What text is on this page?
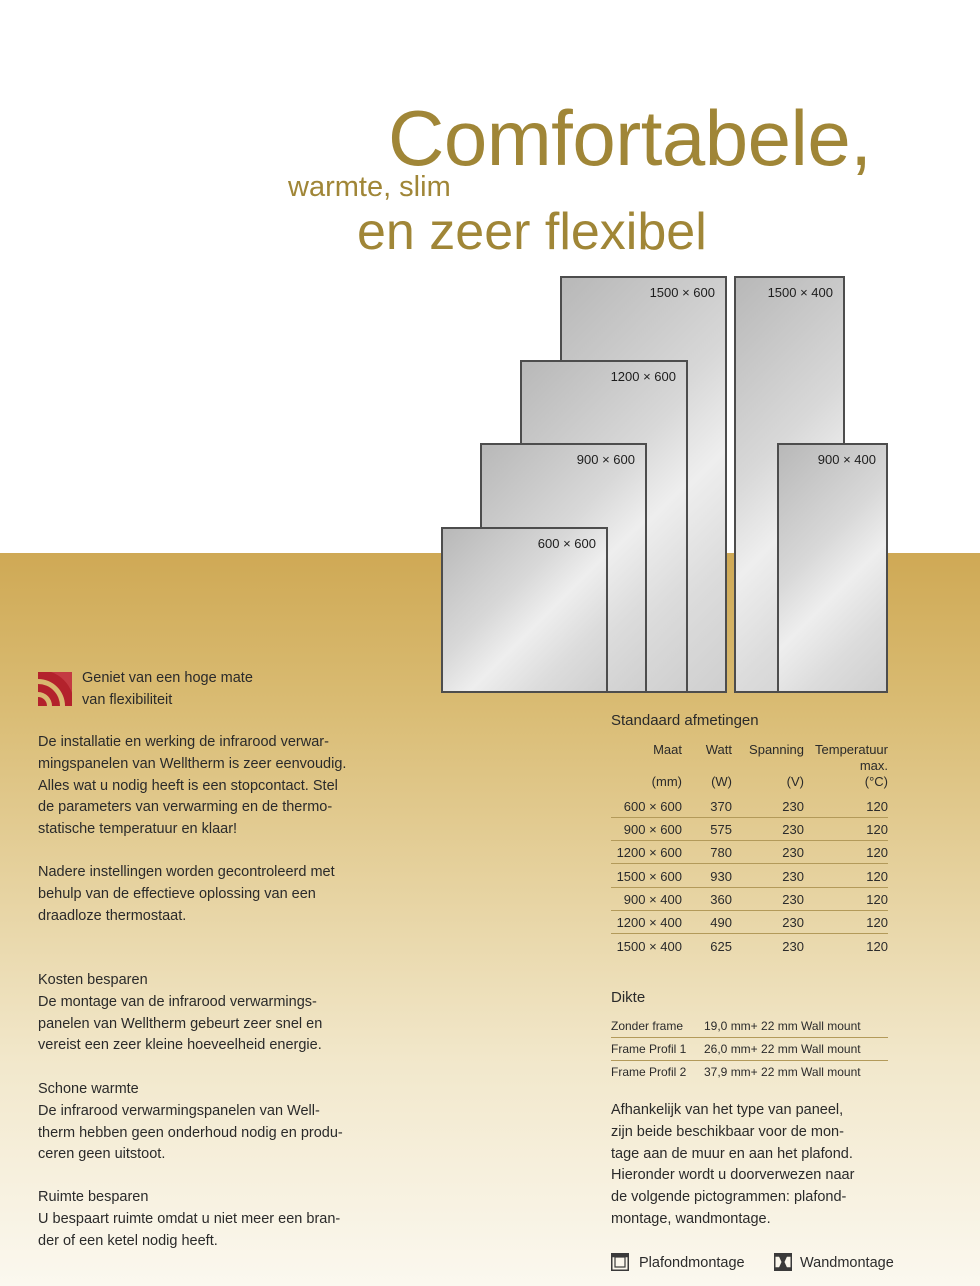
Comfortabele,
warmte, slim
en zeer flexibel
1500 × 600
1200 × 600
900 × 600
600 × 600
1500 × 400
900 × 400
Geniet van een hoge mate
van flexibiliteit
De installatie en werking de infrarood verwar-
mingspanelen van Welltherm is zeer eenvoudig.
Alles wat u nodig heeft is een stopcontact. Stel
de parameters van verwarming en de thermo-
statische temperatuur en klaar!
Nadere instellingen worden gecontroleerd met
behulp van de effectieve oplossing van een
draadloze thermostaat.
Kosten besparen
De montage van de infrarood verwarmings-
panelen van Welltherm gebeurt zeer snel en
vereist een zeer kleine hoeveelheid energie.
Schone warmte
De infrarood verwarmingspanelen van Well-
therm hebben geen onderhoud nodig en produ-
ceren geen uitstoot.
Ruimte besparen
U bespaart ruimte omdat u niet meer een bran-
der of een ketel nodig heeft.
Standaard afmetingen
Maat Watt Spanning Temperatuur
max.
(mm) (W)	(V)	(°C)
600 × 600 370	230	120
900 × 600 575	230	120
1200 × 600 780	230	120
1500 × 600 930	230	120
900 × 400 360	230	120
1200 × 400 490	230	120
1500 × 400 625	230	120
Dikte
Zonder frame 19,0 mm+ 22 mm Wall mount
Frame Profil 1 26,0 mm+ 22 mm Wall mount
Frame Profil 2 37,9 mm+ 22 mm Wall mount
Afhankelijk van het type van paneel,
zijn beide beschikbaar voor de mon-
tage aan de muur en aan het plafond.
Hieronder wordt u doorverwezen naar
de volgende pictogrammen: plafond-
montage, wandmontage.
Plafondmontage	Wandmontage
